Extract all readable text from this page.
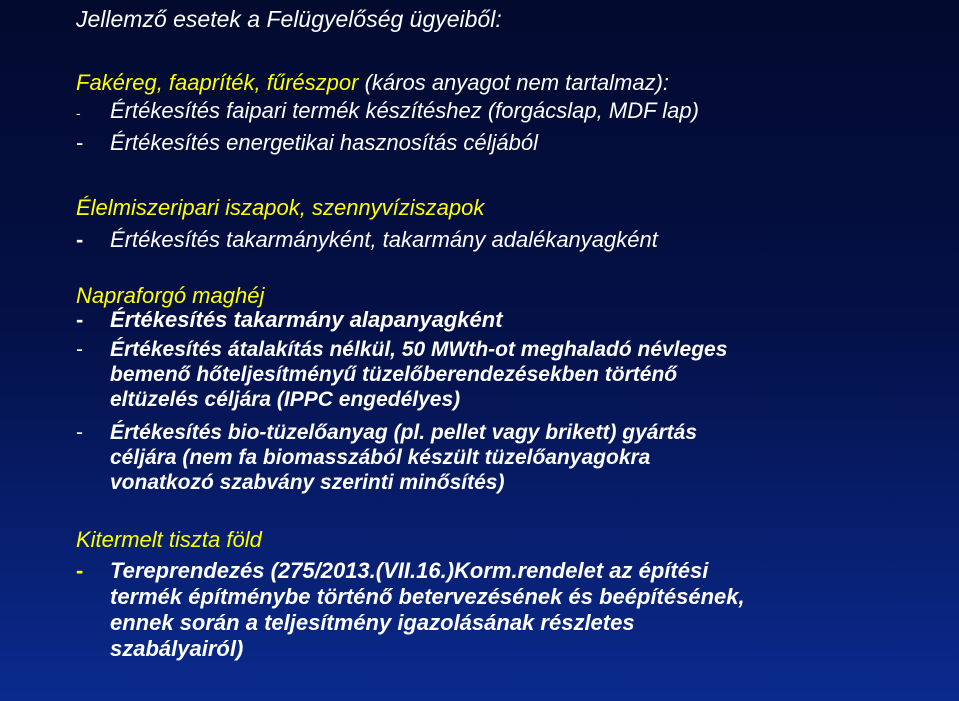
Jellemző esetek a Felügyelőség ügyeiből:
Fakéreg, faapríték, fűrészpor (káros anyagot nem tartalmaz):
- Értékesítés faipari termék készítéshez (forgácslap, MDF lap)
- Értékesítés energetikai hasznosítás céljából
Élelmiszeripari iszapok, szennyvíziszapok
- Értékesítés takarmányként, takarmány adalékanyagként
Napraforgó maghéj
- Értékesítés takarmány alapanyagként
- Értékesítés átalakítás nélkül, 50 MWth-ot meghaladó névleges
bemenő hőteljesítményű tüzelőberendezésekben történő
eltüzelés céljára (IPPC engedélyes)
- Értékesítés bio-tüzelőanyag (pl. pellet vagy brikett) gyártás
céljára (nem fa biomasszából készült tüzelőanyagokra
vonatkozó szabvány szerinti minősítés)
Kitermelt tiszta föld
- Tereprendezés (275/2013.(VII.16.)Korm.rendelet az építési
termék építménybe történő betervezésének és beépítésének,
ennek során a teljesítmény igazolásának részletes
szabályairól)
